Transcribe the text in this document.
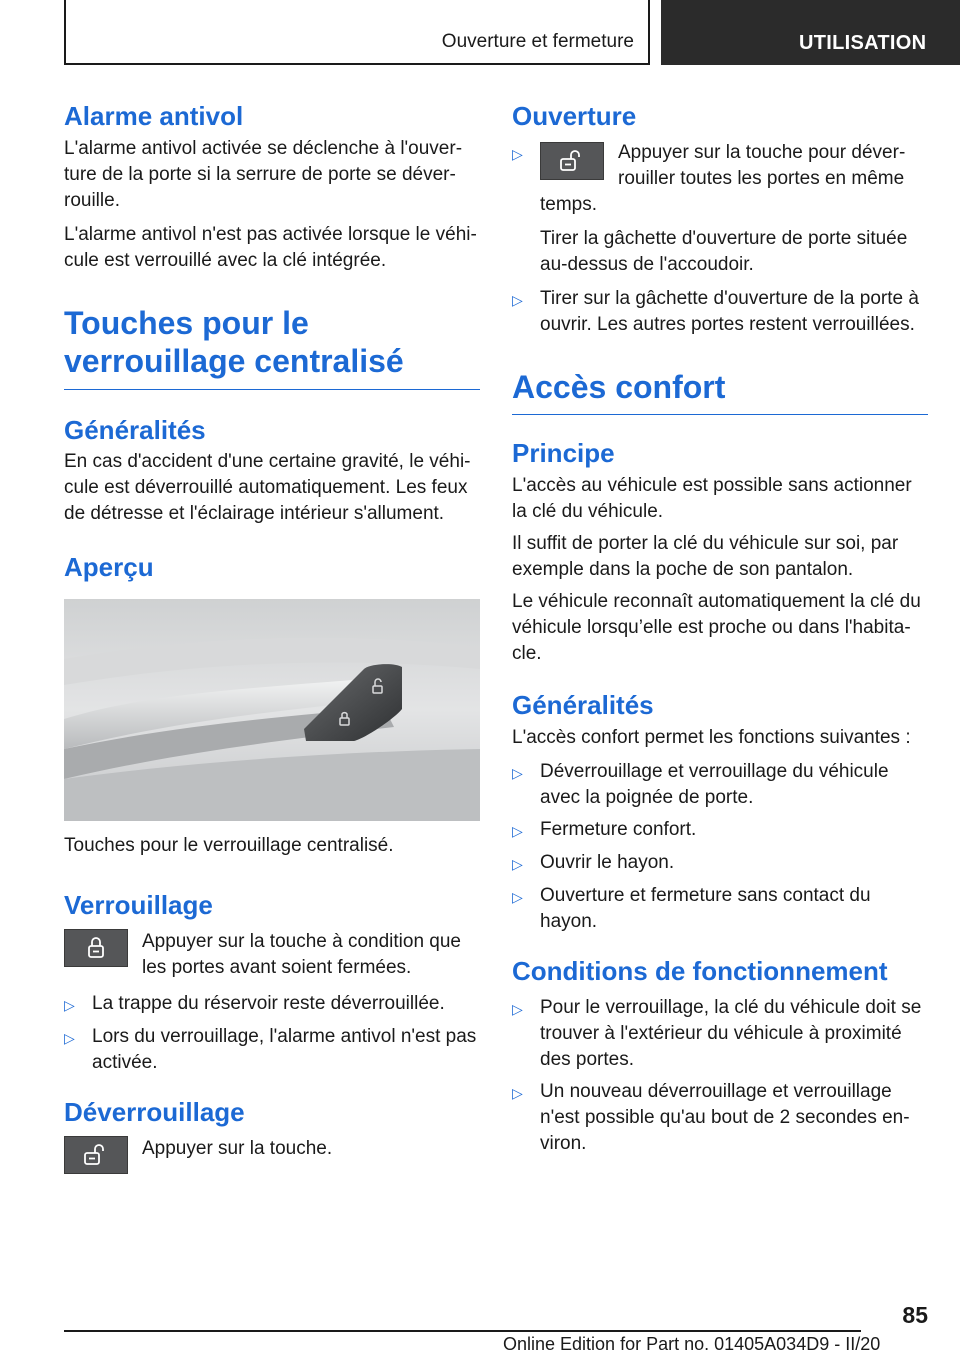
Ouverture et fermeture	UTILISATION
Alarme antivol

L'alarme antivol activée se déclenche à l'ouver-
ture de la porte si la serrure de porte se déver-
rouille.

L'alarme antivol n'est pas activée lorsque le véhi-
cule est verrouillé avec la clé intégrée.

Touches pour le
verrouillage centralisé
Généralités

En cas d'accident d'une certaine gravité, le véhi-
cule est déverrouillé automatiquement. Les feux
de détresse et l'éclairage intérieur s'allument.

Aperçu

Touches pour le verrouillage centralisé.

Verrouillage

Appuyer sur la touche à condition que
les portes avant soient fermées.

▷ La trappe du réservoir reste déverrouillée.
▷ Lors du verrouillage, l'alarme antivol n'est pas
activée.
Déverrouillage

Appuyer sur la touche.

Ouverture
▷	Appuyer sur la touche pour déver-
rouiller toutes les portes en même
temps.
Tirer la gâchette d'ouverture de porte située
au-dessus de l'accoudoir.
▷ Tirer sur la gâchette d'ouverture de la porte à
ouvrir. Les autres portes restent verrouillées.
Accès confort
Principe

L'accès au véhicule est possible sans actionner
la clé du véhicule.

Il suffit de porter la clé du véhicule sur soi, par
exemple dans la poche de son pantalon.

Le véhicule reconnaît automatiquement la clé du
véhicule lorsqu’elle est proche ou dans l'habita-
cle.

Généralités

L'accès confort permet les fonctions suivantes :

▷ Déverrouillage et verrouillage du véhicule
avec la poignée de porte.
▷ Fermeture confort.
▷ Ouvrir le hayon.
▷ Ouverture et fermeture sans contact du
hayon.
Conditions de fonctionnement
▷ Pour le verrouillage, la clé du véhicule doit se
trouver à l'extérieur du véhicule à proximité
des portes.
▷ Un nouveau déverrouillage et verrouillage
n'est possible qu'au bout de 2 secondes en-
viron.
85
Online Edition for Part no. 01405A034D9 - II/20
